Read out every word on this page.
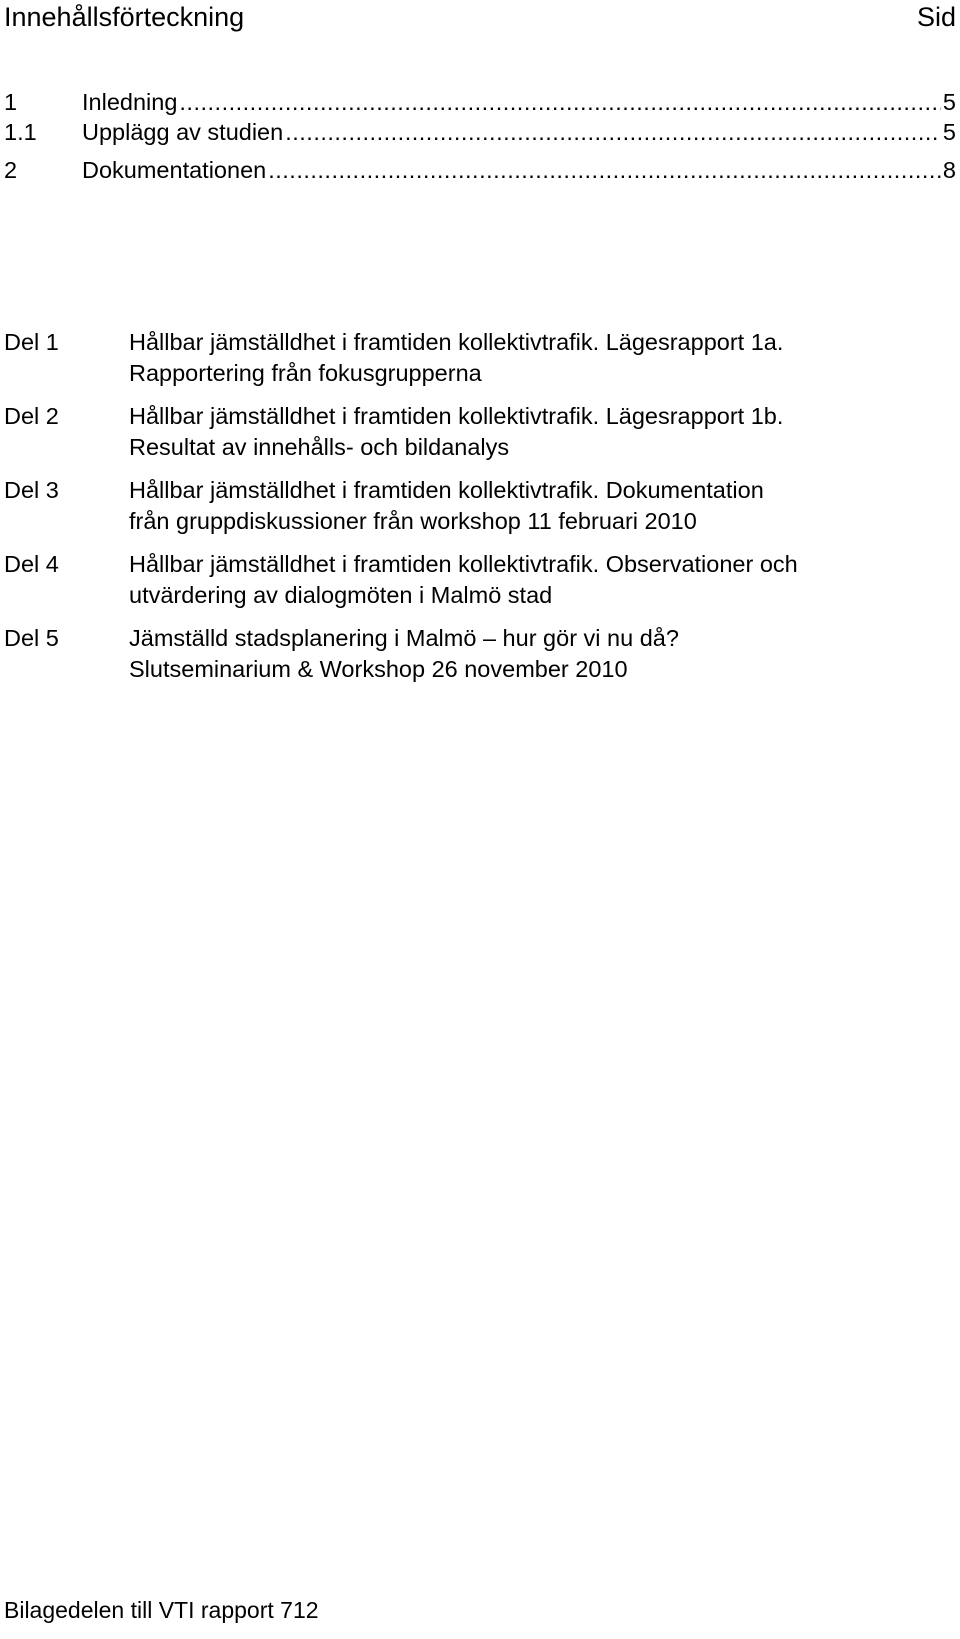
Innehållsförteckning	Sid
1	Inledning .....	5
1.1	Upplägg av studien .....	5
2	Dokumentationen .....	8
Del 1	Hållbar jämställdhet i framtiden kollektivtrafik. Lägesrapport 1a.
Rapportering från fokusgrupperna
Del 2	Hållbar jämställdhet i framtiden kollektivtrafik. Lägesrapport 1b.
Resultat av innehålls- och bildanalys
Del 3	Hållbar jämställdhet i framtiden kollektivtrafik. Dokumentation
från gruppdiskussioner från workshop 11 februari 2010
Del 4	Hållbar jämställdhet i framtiden kollektivtrafik. Observationer och
utvärdering av dialogmöten i Malmö stad
Del 5	Jämställd stadsplanering i Malmö – hur gör vi nu då?
Slutseminarium & Workshop 26 november 2010
Bilagedelen till VTI rapport 712
